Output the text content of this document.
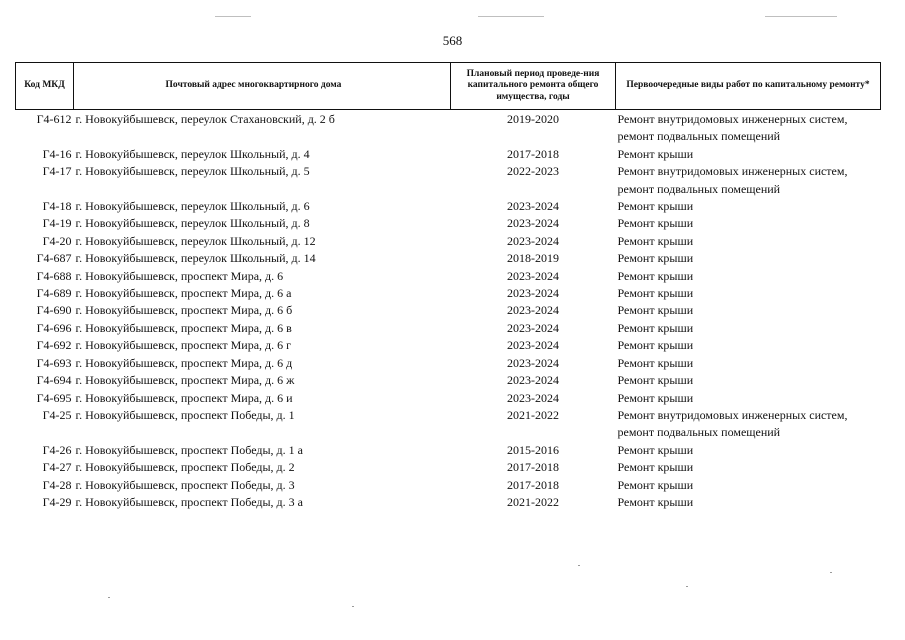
568
Код МКД	Почтовый адрес многоквартирного дома	Плановый период проведе-ния капитального ремонта общего имущества, годы	Первоочередные виды работ по капитальному ремонту*
Г4-612	г. Новокуйбышевск, переулок Стахановский, д. 2 б	2019-2020	Ремонт внутридомовых инженерных систем,
ремонт подвальных помещений

Г4-16	г. Новокуйбышевск, переулок Школьный, д. 4	2017-2018	Ремонт крыши

Г4-17	г. Новокуйбышевск, переулок Школьный, д. 5	2022-2023	Ремонт внутридомовых инженерных систем,
ремонт подвальных помещений

Г4-18	г. Новокуйбышевск, переулок Школьный, д. 6	2023-2024	Ремонт крыши

Г4-19	г. Новокуйбышевск, переулок Школьный, д. 8	2023-2024	Ремонт крыши

Г4-20	г. Новокуйбышевск, переулок Школьный, д. 12	2023-2024	Ремонт крыши

Г4-687	г. Новокуйбышевск, переулок Школьный, д. 14	2018-2019	Ремонт крыши

Г4-688	г. Новокуйбышевск, проспект Мира, д. 6	2023-2024	Ремонт крыши

Г4-689	г. Новокуйбышевск, проспект Мира, д. 6 а	2023-2024	Ремонт крыши

Г4-690	г. Новокуйбышевск, проспект Мира, д. 6 б	2023-2024	Ремонт крыши

Г4-696	г. Новокуйбышевск, проспект Мира, д. 6 в	2023-2024	Ремонт крыши

Г4-692	г. Новокуйбышевск, проспект Мира, д. 6 г	2023-2024	Ремонт крыши

Г4-693	г. Новокуйбышевск, проспект Мира, д. 6 д	2023-2024	Ремонт крыши

Г4-694	г. Новокуйбышевск, проспект Мира, д. 6 ж	2023-2024	Ремонт крыши

Г4-695	г. Новокуйбышевск, проспект Мира, д. 6 и	2023-2024	Ремонт крыши

Г4-25	г. Новокуйбышевск, проспект Победы, д. 1	2021-2022	Ремонт внутридомовых инженерных систем,
ремонт подвальных помещений

Г4-26	г. Новокуйбышевск, проспект Победы, д. 1 а	2015-2016	Ремонт крыши

Г4-27	г. Новокуйбышевск, проспект Победы, д. 2	2017-2018	Ремонт крыши

Г4-28	г. Новокуйбышевск, проспект Победы, д. 3	2017-2018	Ремонт крыши

Г4-29	г. Новокуйбышевск, проспект Победы, д. 3 а	2021-2022	Ремонт крыши
